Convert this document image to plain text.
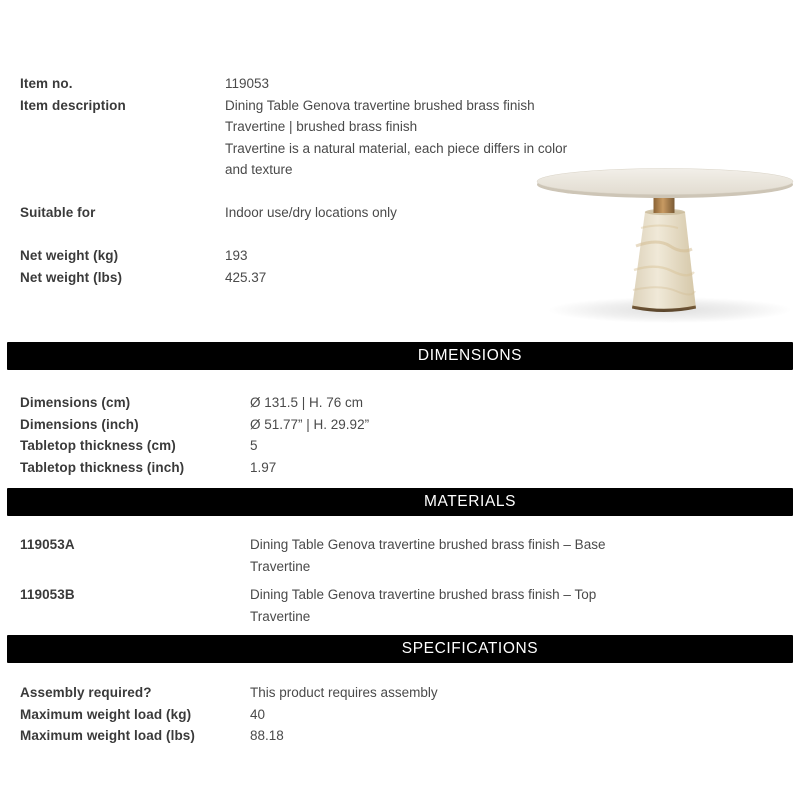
Item no.	119053
Item description	Dining Table Genova travertine brushed brass finish
Travertine | brushed brass finish
Travertine is a natural material, each piece differs in color
and texture
Suitable for	Indoor use/dry locations only
Net weight (kg)	193
Net weight (lbs)	425.37
DIMENSIONS
Dimensions (cm)	Ø 131.5 | H. 76 cm
Dimensions (inch)	Ø 51.77” | H. 29.92”
Tabletop thickness (cm)	5
Tabletop thickness (inch)	1.97
MATERIALS
119053A	Dining Table Genova travertine brushed brass finish – Base
Travertine
119053B	Dining Table Genova travertine brushed brass finish – Top
Travertine
SPECIFICATIONS
Assembly required?	This product requires assembly
Maximum weight load (kg)	40
Maximum weight load (lbs)	88.18
